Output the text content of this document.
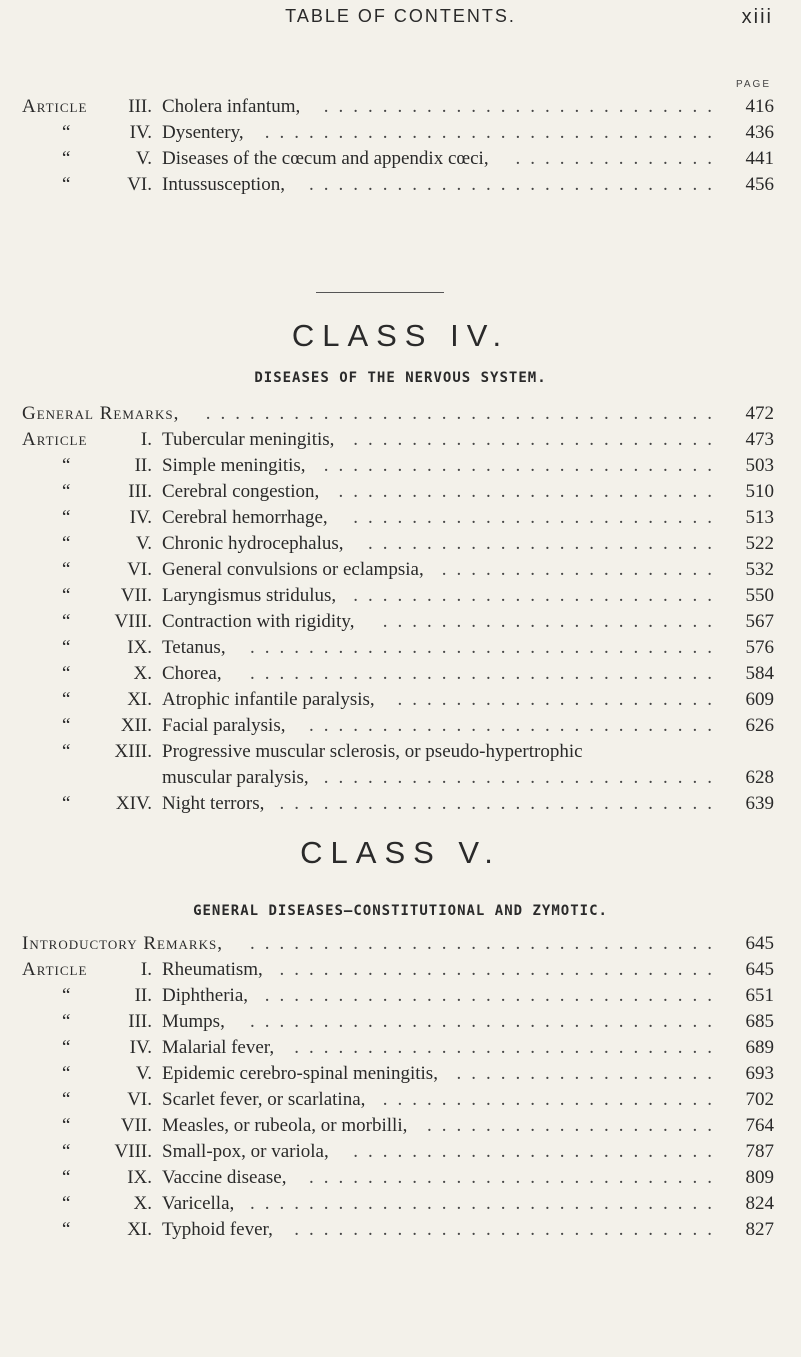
TABLE OF CONTENTS.	xiii
PAGE
Article	III. Cholera infantum, ...........................	416
“	IV. Dysentery, ...............................	436
“	V. Diseases of the cœcum and appendix cœci, ..............	441
“	VI. Intussusception, ............................	456
CLASS IV.
DISEASES OF THE NERVOUS SYSTEM.
General Remarks, ...................................	472
Article	I. Tubercular meningitis, .........................	473
“	II. Simple meningitis, ...........................	503
“	III. Cerebral congestion, ..........................	510
“	IV. Cerebral hemorrhage, .........................	513
“	V. Chronic hydrocephalus, ........................	522
“	VI. General convulsions or eclampsia, ...................	532
“	VII. Laryngismus stridulus, .........................	550
“	VIII. Contraction with rigidity, .......................	567
“	IX. Tetanus, ................................	576
“	X. Chorea, ................................	584
“	XI. Atrophic infantile paralysis, ......................	609
“	XII. Facial paralysis, ............................	626
“	XIII. Progressive muscular sclerosis, or pseudo-hypertrophic
muscular paralysis, ...........................	628
“	XIV. Night terrors, ..............................	639
CLASS V.
GENERAL DISEASES—CONSTITUTIONAL AND ZYMOTIC.
Introductory Remarks, ................................	645
Article	I. Rheumatism, ..............................	645
“	II. Diphtheria, ...............................	651
“	III. Mumps, ................................	685
“	IV. Malarial fever, .............................	689
“	V. Epidemic cerebro-spinal meningitis, ..................	693
“	VI. Scarlet fever, or scarlatina, .......................	702
“	VII. Measles, or rubeola, or morbilli, ....................	764
“	VIII. Small-pox, or variola, .........................	787
“	IX. Vaccine disease, ............................	809
“	X. Varicella, ................................	824
“	XI. Typhoid fever, .............................	827
